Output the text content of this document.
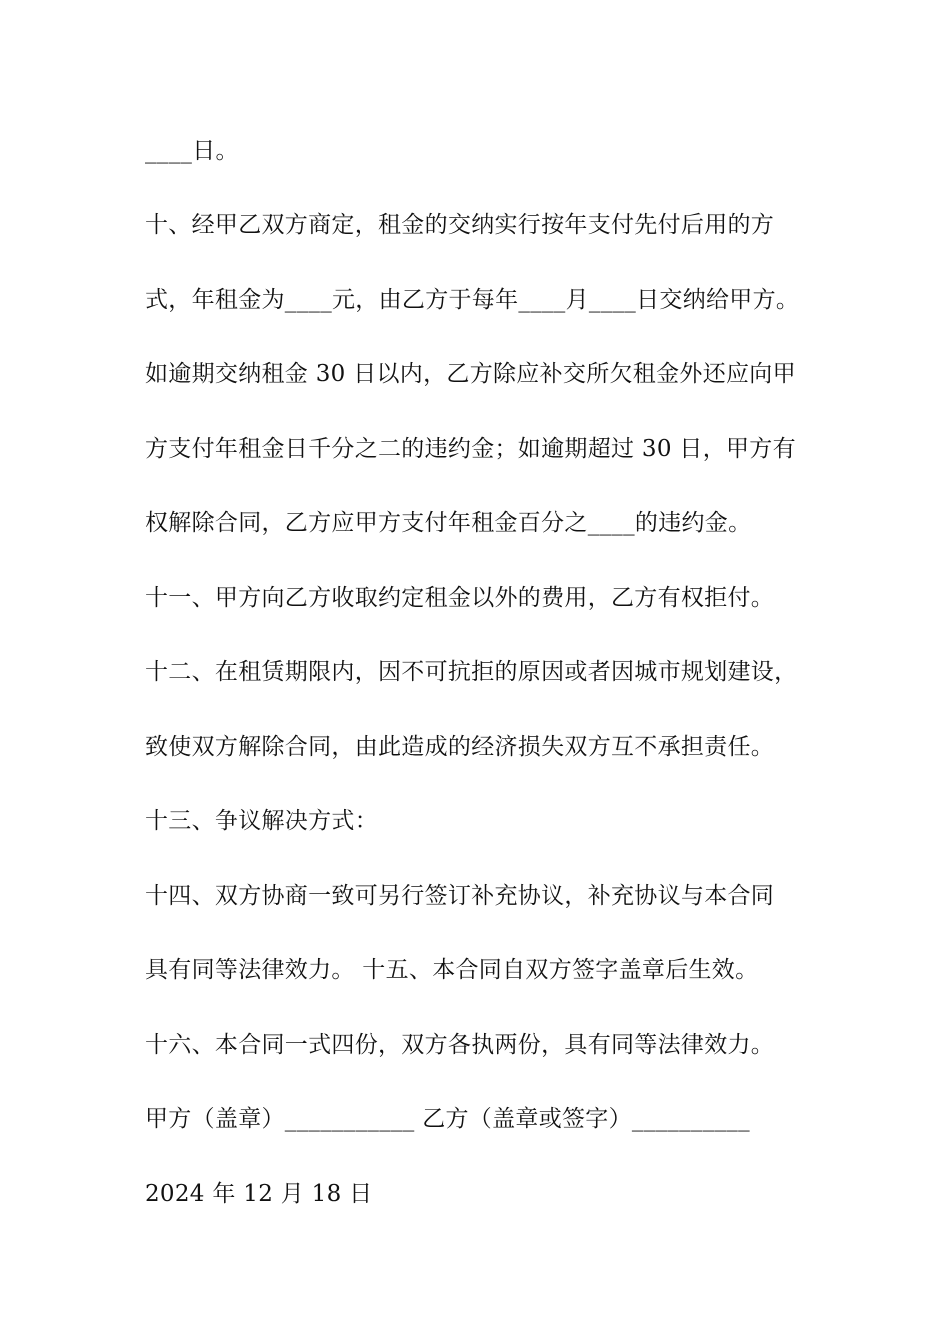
____日。
十、经甲乙双方商定，租金的交纳实行按年支付先付后用的方
式，年租金为____元，由乙方于每年____月____日交纳给甲方。
如逾期交纳租金 30 日以内，乙方除应补交所欠租金外还应向甲
方支付年租金日千分之二的违约金；如逾期超过 30 日，甲方有
权解除合同，乙方应甲方支付年租金百分之____的违约金。
十一、甲方向乙方收取约定租金以外的费用，乙方有权拒付。
十二、在租赁期限内，因不可抗拒的原因或者因城市规划建设，
致使双方解除合同，由此造成的经济损失双方互不承担责任。
十三、争议解决方式：
十四、双方协商一致可另行签订补充协议，补充协议与本合同
具有同等法律效力。 十五、本合同自双方签字盖章后生效。
十六、本合同一式四份，双方各执两份，具有同等法律效力。
甲方（盖章）___________ 乙方（盖章或签字）__________
2024 年 12 月 18 日
